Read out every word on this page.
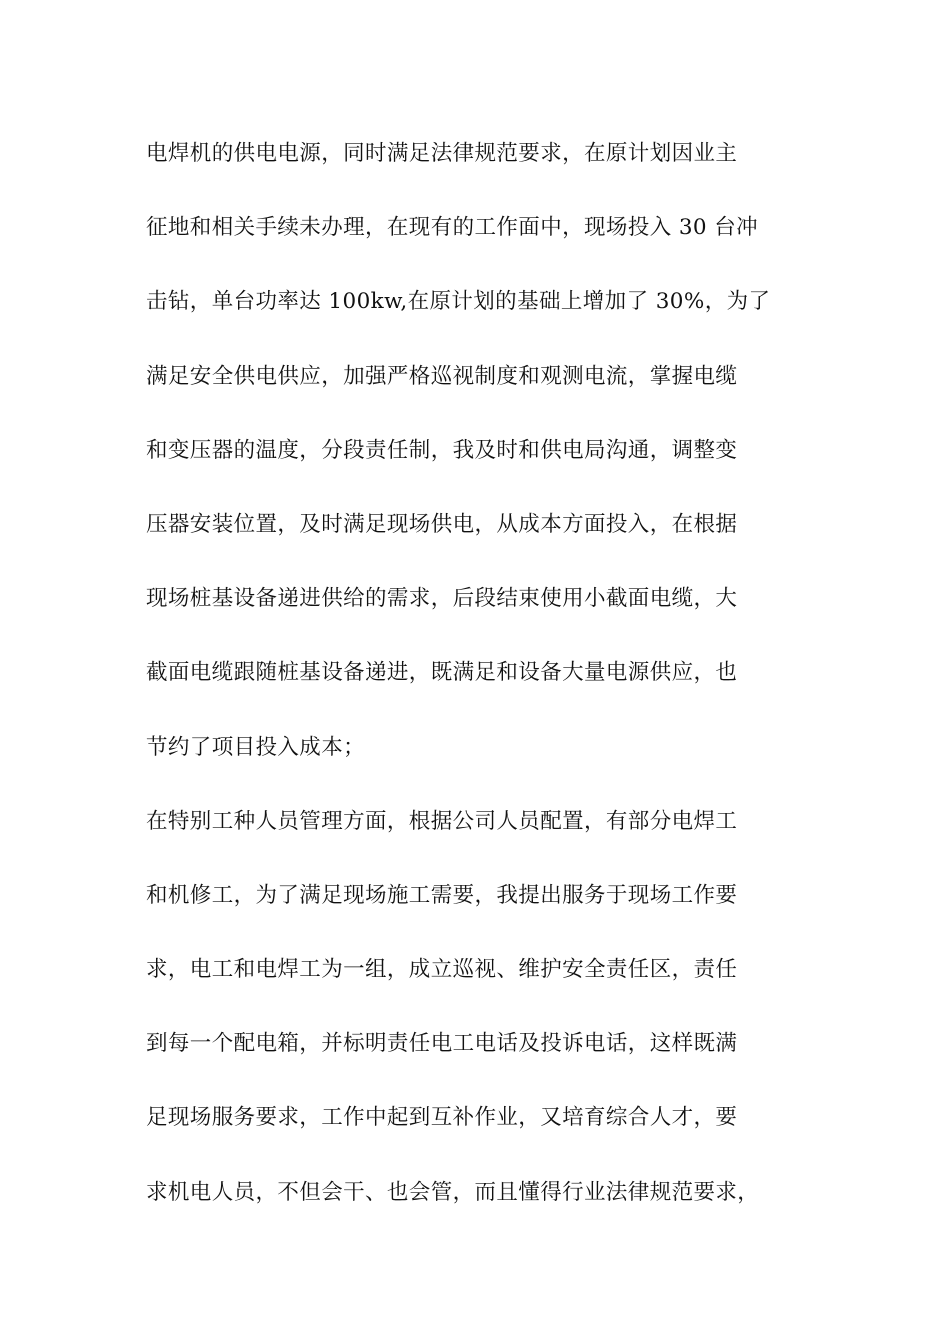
电焊机的供电电源，同时满足法律规范要求，在原计划因业主
征地和相关手续未办理，在现有的工作面中，现场投入 30 台冲
击钻，单台功率达 100kw,在原计划的基础上增加了 30%，为了
满足安全供电供应，加强严格巡视制度和观测电流，掌握电缆
和变压器的温度，分段责任制，我及时和供电局沟通，调整变
压器安装位置，及时满足现场供电，从成本方面投入，在根据
现场桩基设备递进供给的需求，后段结束使用小截面电缆，大
截面电缆跟随桩基设备递进，既满足和设备大量电源供应，也
节约了项目投入成本；
在特别工种人员管理方面，根据公司人员配置，有部分电焊工
和机修工，为了满足现场施工需要，我提出服务于现场工作要
求，电工和电焊工为一组，成立巡视、维护安全责任区，责任
到每一个配电箱，并标明责任电工电话及投诉电话，这样既满
足现场服务要求，工作中起到互补作业，又培育综合人才，要
求机电人员，不但会干、也会管，而且懂得行业法律规范要求，
